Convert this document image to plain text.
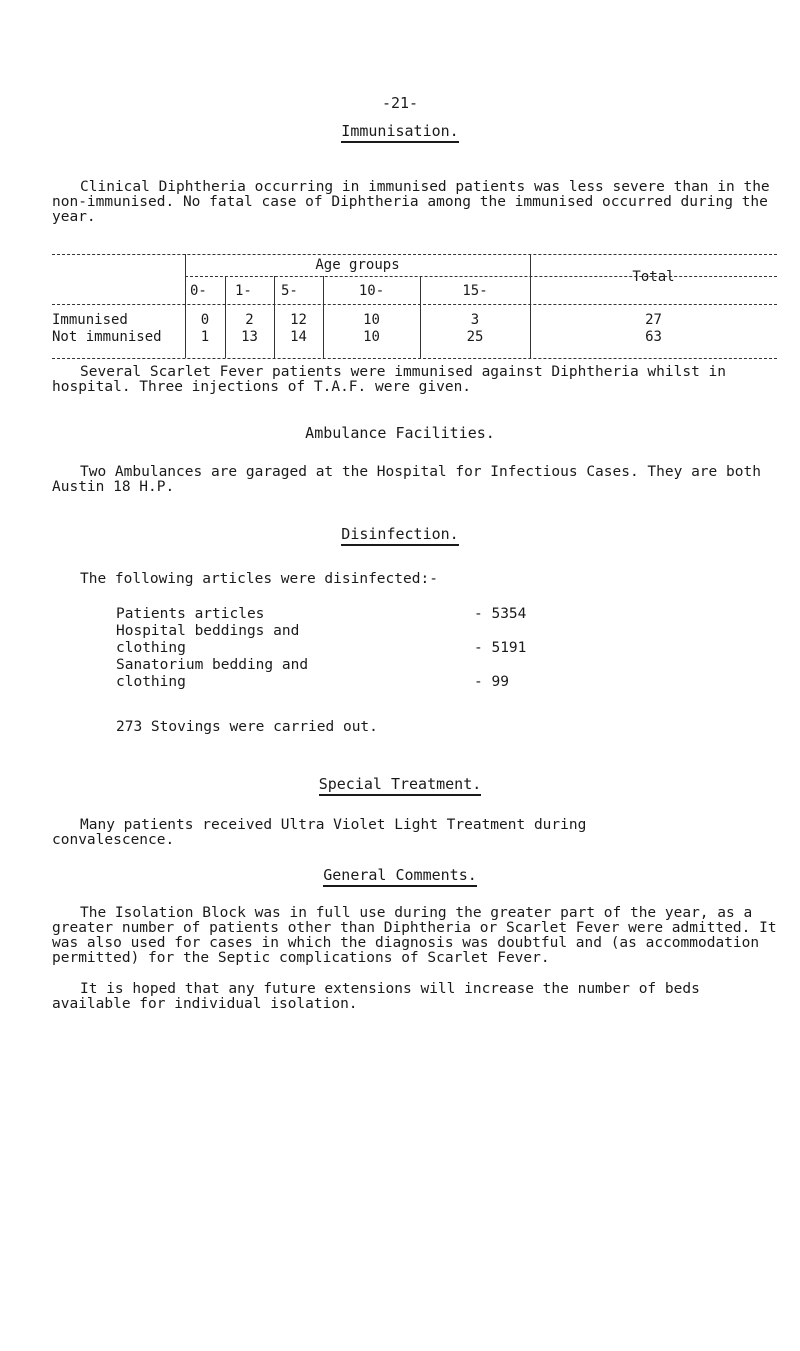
-21-
Immunisation.

Clinical Diphtheria occurring in immunised patients was less severe than in the non-immunised. No fatal case of Diphtheria among the immunised occurred during the year.

Age groups
Total
0- 1- 5-	10-	15-
Immunised	0	2	12	10	3	27
Not immunised	1	13	14	10	25	63

Several Scarlet Fever patients were immunised against Diphtheria whilst in hospital. Three injections of T.A.F. were given.

Ambulance Facilities.

Two Ambulances are garaged at the Hospital for Infectious Cases. They are both Austin 18 H.P.

Disinfection.

The following articles were disinfected:-

Patients articles	- 5354
Hospital beddings and
clothing	- 5191
Sanatorium bedding and
clothing	- 99

273 Stovings were carried out.

Special Treatment.

Many patients received Ultra Violet Light Treatment during convalescence.

General Comments.

The Isolation Block was in full use during the greater part of the year, as a greater number of patients other than Diphtheria or Scarlet Fever were admitted. It was also used for cases in which the diagnosis was doubtful and (as accommodation permitted) for the Septic complications of Scarlet Fever.

It is hoped that any future extensions will increase the number of beds available for individual isolation.
